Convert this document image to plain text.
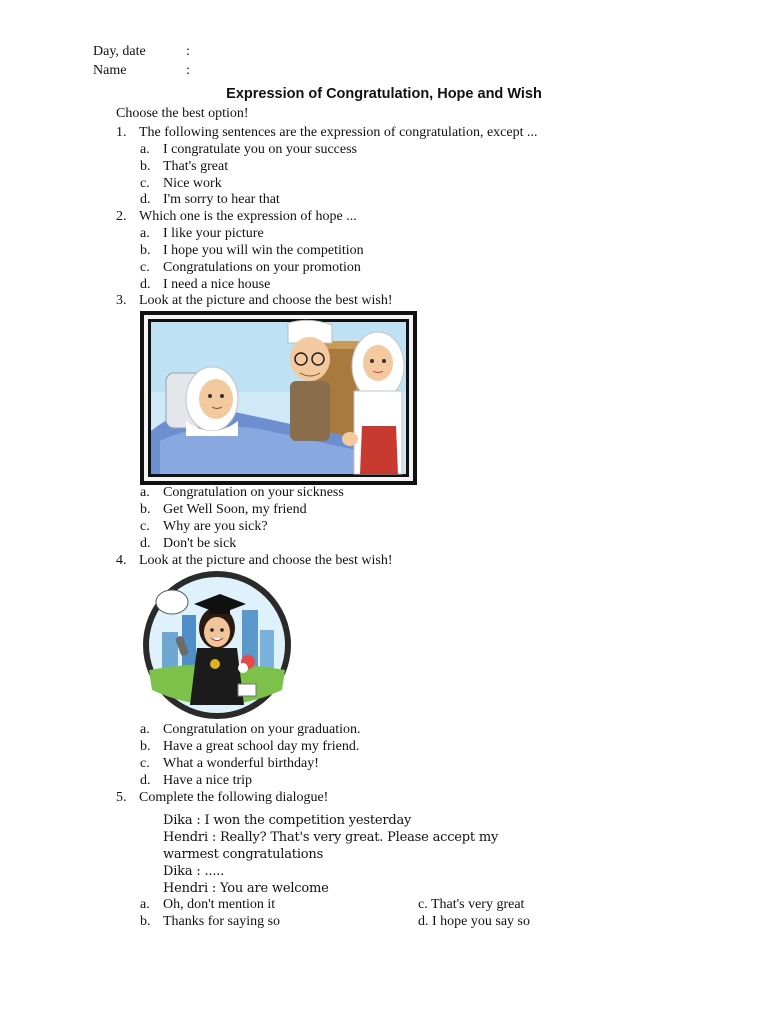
Day, date	:
Name	:
Expression of Congratulation, Hope and Wish
Choose the best option!
1. The following sentences are the expression of congratulation, except ...
a. I congratulate you on your success
b. That's great
c. Nice work
d. I'm sorry to hear that
2. Which one is the expression of hope ...
a. I like your picture
b. I hope you will win the competition
c. Congratulations on your promotion
d. I need a nice house
3. Look at the picture and choose the best wish!
a. Congratulation on your sickness
b. Get Well Soon, my friend
c. Why are you sick?
d. Don't be sick
4. Look at the picture and choose the best wish!
a. Congratulation on your graduation.
b. Have a great school day my friend.
c. What a wonderful birthday!
d. Have a nice trip
5. Complete the following dialogue!
Dika : I won the competition yesterday
Hendri : Really? That's very great. Please accept my
warmest congratulations
Dika : .....
Hendri : You are welcome
a. Oh, don't mention it
b. Thanks for saying so
c. That's very great
d. I hope you say so
